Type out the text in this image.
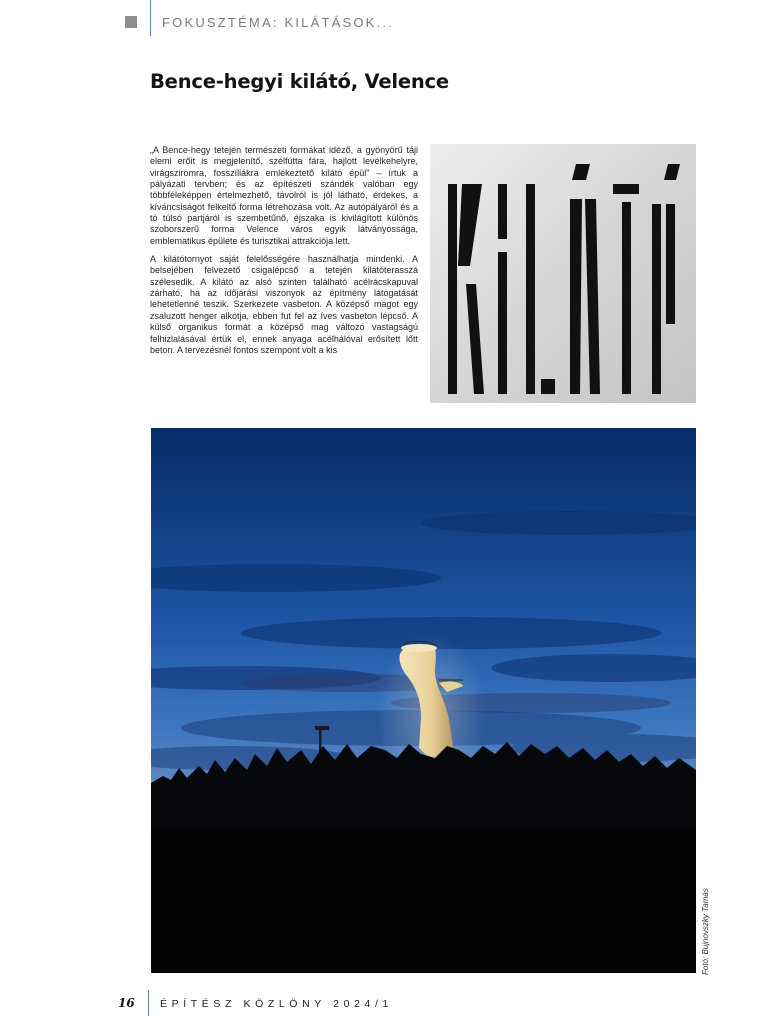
FOKUSZTÉMA: KILÁTÁSOK...
Bence-hegyi kilátó, Velence

„A Bence-hegy tetején természeti formákat idéző, a gyönyörű táji elemi erőit is megjelenítő, szélfútta fára, hajlott levélkehelyre, virágsziromra, fosszíliákra emlékeztető kilátó épül” – írtuk a pályázati tervben; és az építészeti szándék valóban egy többféleképpen értelmezhető, távolról is jól látható, érdekes, a kíváncsiságot felkeltő forma létrehozása volt. Az autópályáról és a tó túlsó partjáról is szembetűnő, éjszaka is kivilágított különös szoborszerű forma Velence város egyik látványossága, emblematikus épülete és turisztikai attrakciója lett.

A kilátótornyot saját felelősségére használhatja mindenki. A belsejében felvezető csigalépcső a tetején kilátóterasszá szélesedik. A kilátó az alsó szinten található acélrácskapuval zárható, ha az időjárási viszonyok az építmény látogatását lehetetlenné teszik. Szerkezete vasbeton. A középső magot egy zsaluzott henger alkotja, ebben fut fel az íves vasbeton lépcső. A külső organikus formát a középső mag változó vastagságú felhizlalásával értük el, ennek anyaga acélhálóval erősített lőtt beton. A tervezésnél fontos szempont volt a kis

Fotó: Bujnovszky Tamás
16 ÉPÍTÉSZ KÖZLÖNY 2024/1
